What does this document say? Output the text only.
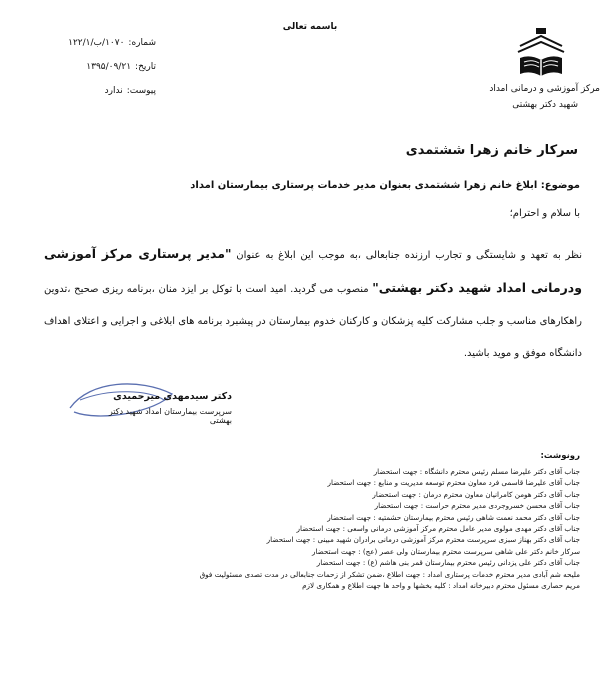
باسمه تعالی
مرکز آموزشی و درمانی امداد
شهید دکتر بهشتی
شماره:
۱۰۷۰/ب/۱۲۲/۱
تاریخ:
۱۳۹۵/۰۹/۲۱
پیوست:
ندارد
سرکار خانم زهرا ششتمدی
موضوع: ابلاغ خانم زهرا ششتمدی بعنوان مدیر خدمات پرستاری بیمارستان امداد
با سلام و احترام؛
نظر به تعهد و شایستگی و تجارب ارزنده جنابعالی ،به موجب این ابلاغ به عنوان "مدیر پرستاری مرکز آموزشی ودرمانی امداد شهید دکتر بهشتی" منصوب می گردید. امید است با توکل بر ایزد منان ،برنامه ریزی صحیح ،تدوین راهکارهای مناسب و جلب مشارکت کلیه پزشکان و کارکنان خدوم بیمارستان در پیشبرد برنامه های ابلاغی و اجرایی و اعتلای اهداف دانشگاه موفق و موید باشید.
دکتر سیدمهدی میرحمیدی
سرپرست بیمارستان امداد شهید دکتر بهشتی
رونوشت:
جناب آقای دکتر علیرضا مسلم رئیس محترم دانشگاه : جهت استحضار
جناب آقای علیرضا قاسمی فرد معاون محترم توسعه مدیریت و منابع : جهت استحضار
جناب آقای دکتر هومن کامرانیان معاون محترم درمان : جهت استحضار
جناب آقای محسن خسروجردی مدیر محترم حراست : جهت استحضار
جناب آقای دکتر محمد نعمت شاهی رئیس محترم بیمارستان حشمتیه : جهت استحضار
جناب آقای دکتر مهدی مولوی مدیر عامل محترم مرکز آموزشی درمانی واسعی : جهت استحضار
جناب آقای دکتر بهناز سبزی سرپرست محترم مرکز آموزشی درمانی برادران شهید مبینی : جهت استحضار
سرکار خانم دکتر علی شاهی سرپرست محترم بیمارستان ولی عصر (عج) : جهت استحضار
جناب آقای دکتر علی یزدانی رئیس محترم بیمارستان قمر بنی هاشم (ع) : جهت استحضار
ملیحه شم آبادی مدیر محترم خدمات پرستاری امداد : جهت اطلاع ،ضمن تشکر از زحمات جنابعالی در مدت تصدی مسئولیت فوق
مریم حصاری مسئول محترم دبیرخانه امداد : کلیه بخشها و واحد ها جهت اطلاع و همکاری لازم
